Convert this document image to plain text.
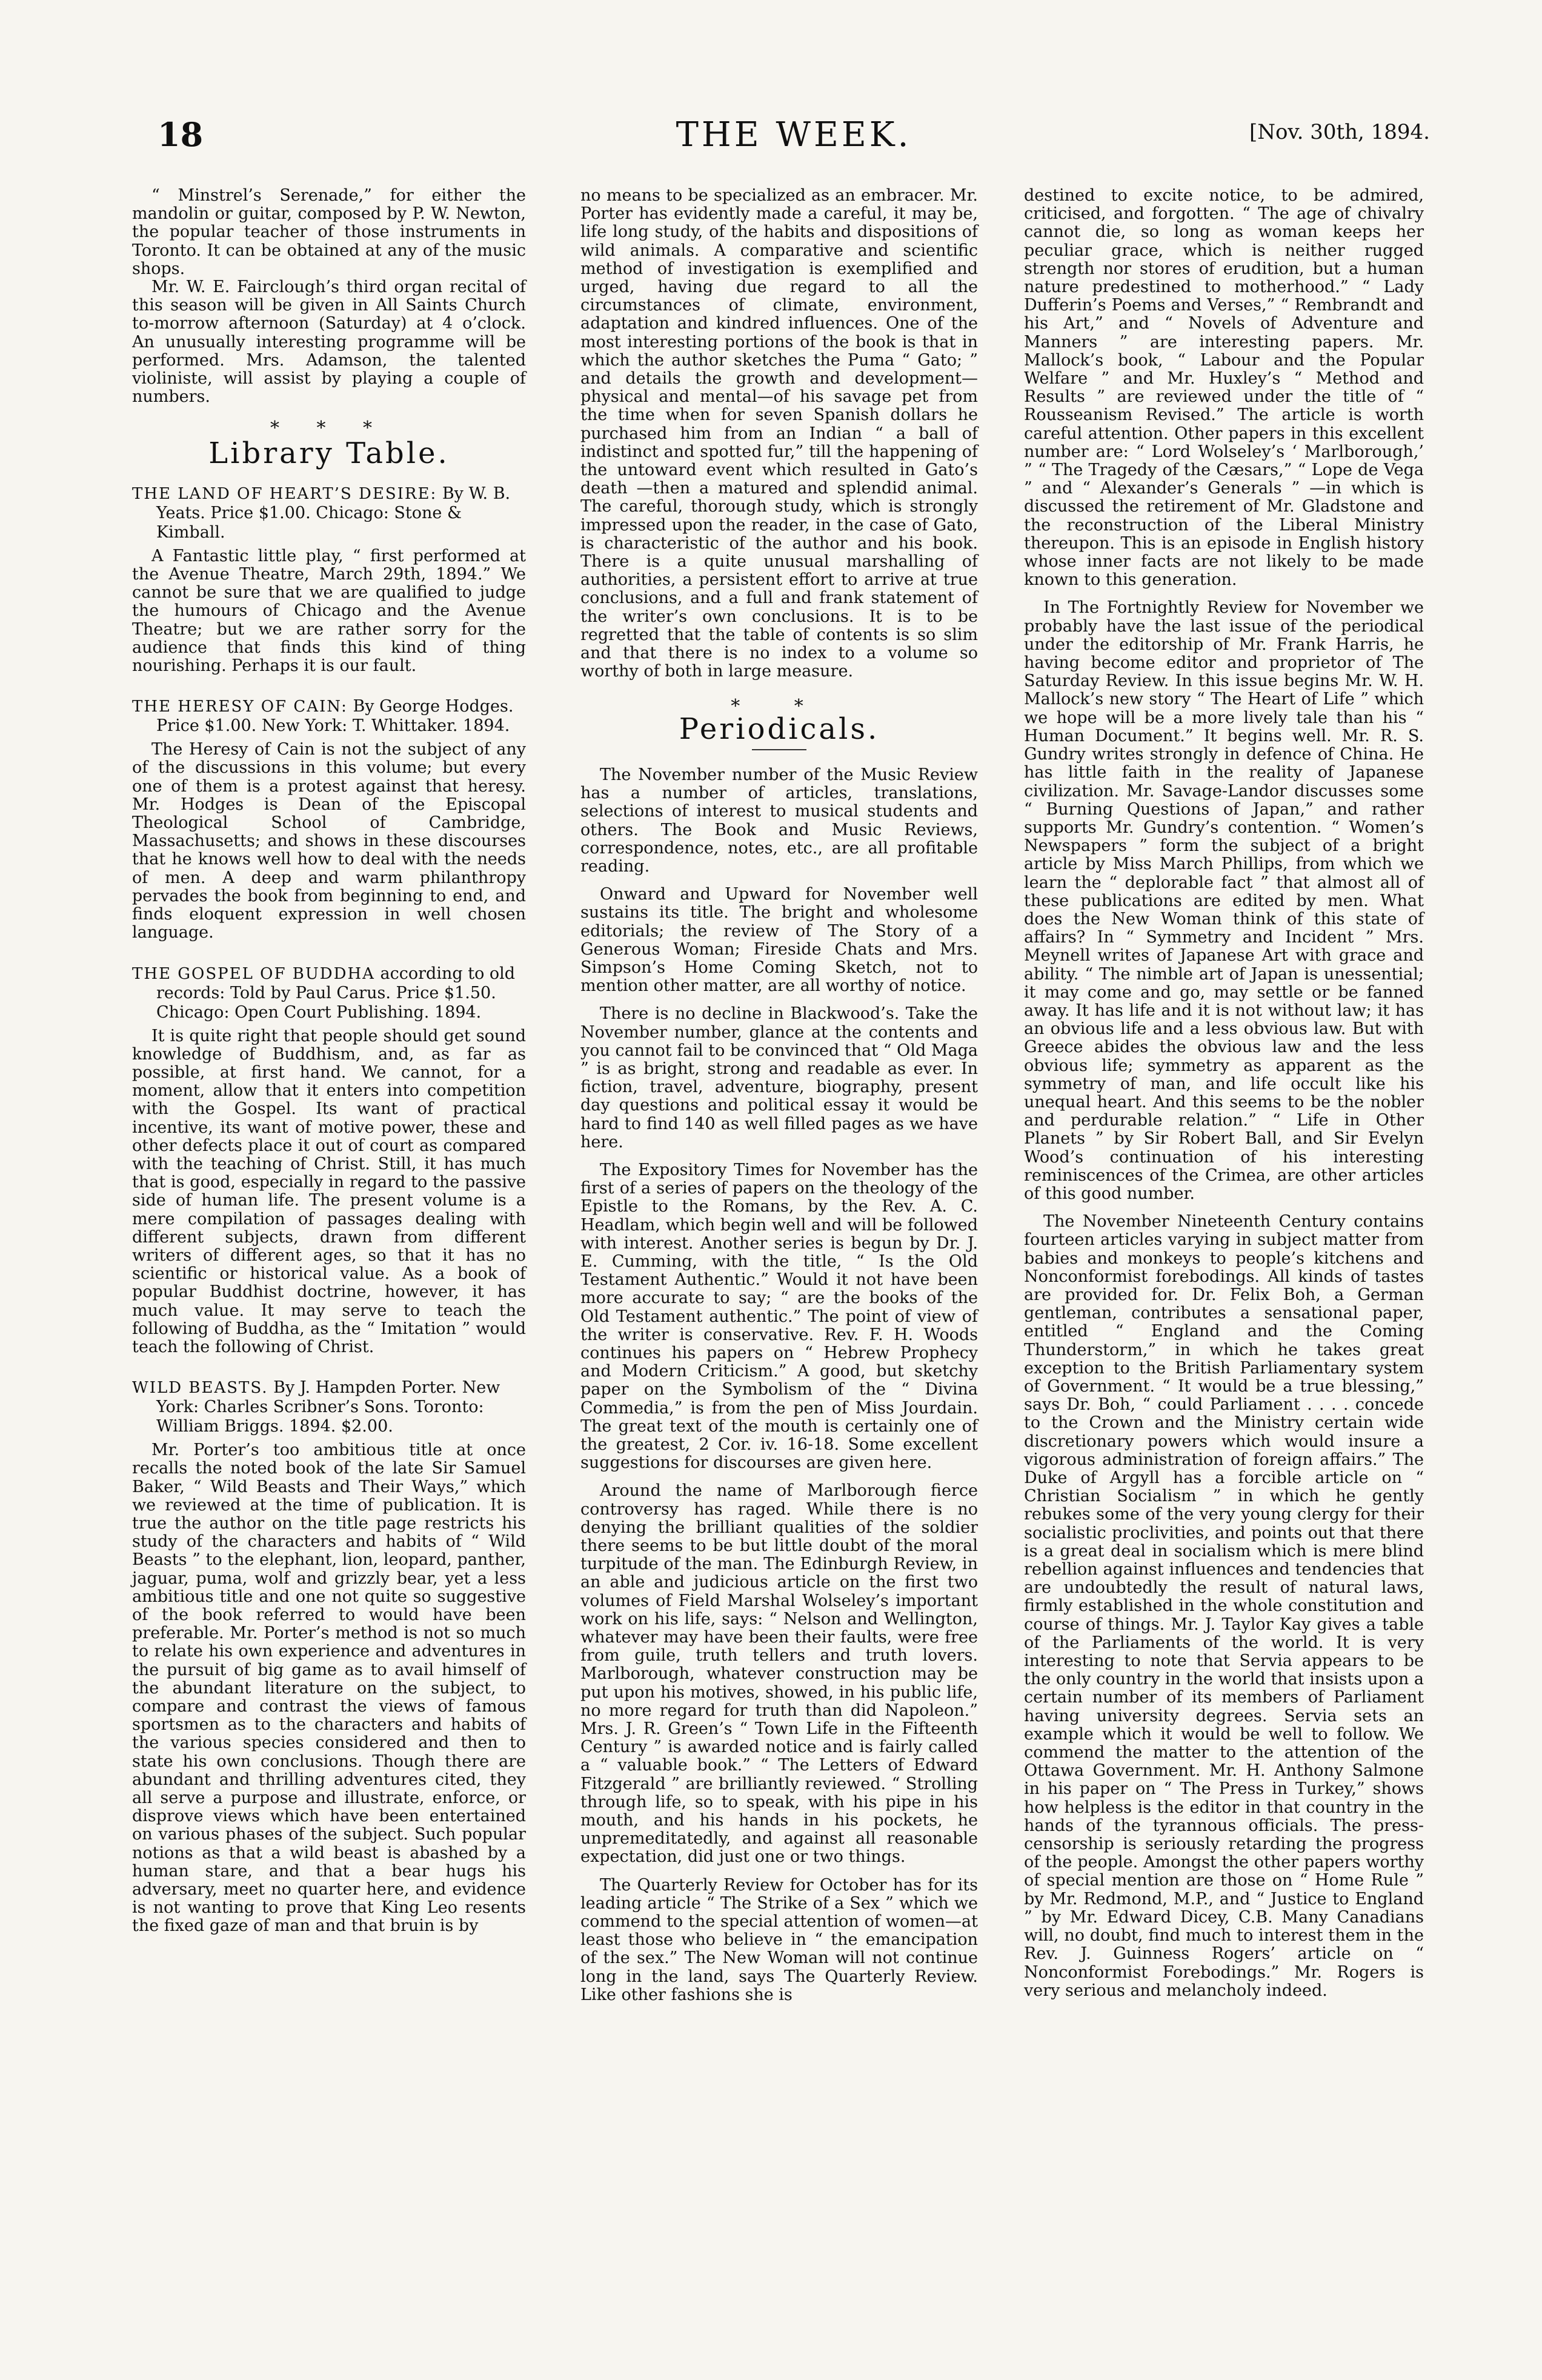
18	THE WEEK.	[Nov. 30th, 1894.

“ Minstrel’s Serenade,” for either the mandolin or guitar, composed by P. W. Newton, the popular teacher of those instruments in Toronto. It can be obtained at any of the music shops.

Mr. W. E. Fairclough’s third organ recital of this season will be given in All Saints Church to-morrow afternoon (Saturday) at 4 o’clock. An unusually interesting programme will be performed. Mrs. Adamson, the talented violiniste, will assist by playing a couple of numbers.

* * *
Library Table.
THE LAND OF HEART’S DESIRE: By W. B. Yeats. Price $1.00. Chicago: Stone & Kimball.

A Fantastic little play, “ first performed at the Avenue Theatre, March 29th, 1894.” We cannot be sure that we are qualified to judge the humours of Chicago and the Avenue Theatre; but we are rather sorry for the audience that finds this kind of thing nourishing. Perhaps it is our fault.

THE HERESY OF CAIN: By George Hodges. Price $1.00. New York: T. Whittaker. 1894.

The Heresy of Cain is not the subject of any of the discussions in this volume; but every one of them is a protest against that heresy. Mr. Hodges is Dean of the Episcopal Theological School of Cambridge, Massachusetts; and shows in these discourses that he knows well how to deal with the needs of men. A deep and warm philanthropy pervades the book from beginning to end, and finds eloquent expression in well chosen language.

THE GOSPEL OF BUDDHA according to old records: Told by Paul Carus. Price $1.50. Chicago: Open Court Publishing. 1894.

It is quite right that people should get sound knowledge of Buddhism, and, as far as possible, at first hand. We cannot, for a moment, allow that it enters into competition with the Gospel. Its want of practical incentive, its want of motive power, these and other defects place it out of court as compared with the teaching of Christ. Still, it has much that is good, especially in regard to the passive side of human life. The present volume is a mere compilation of passages dealing with different subjects, drawn from different writers of different ages, so that it has no scientific or historical value. As a book of popular Buddhist doctrine, however, it has much value. It may serve to teach the following of Buddha, as the “ Imitation ” would teach the following of Christ.

WILD BEASTS. By J. Hampden Porter. New York: Charles Scribner’s Sons. Toronto: William Briggs. 1894. $2.00.

Mr. Porter’s too ambitious title at once recalls the noted book of the late Sir Samuel Baker, “ Wild Beasts and Their Ways,” which we reviewed at the time of publication. It is true the author on the title page restricts his study of the characters and habits of “ Wild Beasts ” to the elephant, lion, leopard, panther, jaguar, puma, wolf and grizzly bear, yet a less ambitious title and one not quite so suggestive of the book referred to would have been preferable. Mr. Porter’s method is not so much to relate his own experience and adventures in the pursuit of big game as to avail himself of the abundant literature on the subject, to compare and contrast the views of famous sportsmen as to the characters and habits of the various species considered and then to state his own conclusions. Though there are abundant and thrilling adventures cited, they all serve a purpose and illustrate, enforce, or disprove views which have been entertained on various phases of the subject. Such popular notions as that a wild beast is abashed by a human stare, and that a bear hugs his adversary, meet no quarter here, and evidence is not wanting to prove that King Leo resents the fixed gaze of man and that bruin is by

no means to be specialized as an embracer. Mr. Porter has evidently made a careful, it may be, life long study, of the habits and dispositions of wild animals. A comparative and scientific method of investigation is exemplified and urged, having due regard to all the circumstances of climate, environment, adaptation and kindred influences. One of the most interesting portions of the book is that in which the author sketches the Puma “ Gato; ” and details the growth and development—physical and mental—of his savage pet from the time when for seven Spanish dollars he purchased him from an Indian “ a ball of indistinct and spotted fur,” till the happening of the untoward event which resulted in Gato’s death —then a matured and splendid animal. The careful, thorough study, which is strongly impressed upon the reader, in the case of Gato, is characteristic of the author and his book. There is a quite unusual marshalling of authorities, a persistent effort to arrive at true conclusions, and a full and frank statement of the writer’s own conclusions. It is to be regretted that the table of contents is so slim and that there is no index to a volume so worthy of both in large measure.

* *
Periodicals.

The November number of the Music Review has a number of articles, translations, selections of interest to musical students and others. The Book and Music Reviews, correspondence, notes, etc., are all profitable reading.

Onward and Upward for November well sustains its title. The bright and wholesome editorials; the review of The Story of a Generous Woman; Fireside Chats and Mrs. Simpson’s Home Coming Sketch, not to mention other matter, are all worthy of notice.

There is no decline in Blackwood’s. Take the November number, glance at the contents and you cannot fail to be convinced that “ Old Maga ” is as bright, strong and readable as ever. In fiction, travel, adventure, biography, present day questions and political essay it would be hard to find 140 as well filled pages as we have here.

The Expository Times for November has the first of a series of papers on the theology of the Epistle to the Romans, by the Rev. A. C. Headlam, which begin well and will be followed with interest. Another series is begun by Dr. J. E. Cumming, with the title, “ Is the Old Testament Authentic.” Would it not have been more accurate to say; “ are the books of the Old Testament authentic.” The point of view of the writer is conservative. Rev. F. H. Woods continues his papers on “ Hebrew Prophecy and Modern Criticism.” A good, but sketchy paper on the Symbolism of the “ Divina Commedia,” is from the pen of Miss Jourdain. The great text of the mouth is certainly one of the greatest, 2 Cor. iv. 16-18. Some excellent suggestions for discourses are given here.

Around the name of Marlborough fierce controversy has raged. While there is no denying the brilliant qualities of the soldier there seems to be but little doubt of the moral turpitude of the man. The Edinburgh Review, in an able and judicious article on the first two volumes of Field Marshal Wolseley’s important work on his life, says: “ Nelson and Wellington, whatever may have been their faults, were free from guile, truth tellers and truth lovers. Marlborough, whatever construction may be put upon his motives, showed, in his public life, no more regard for truth than did Napoleon.” Mrs. J. R. Green’s “ Town Life in the Fifteenth Century ” is awarded notice and is fairly called a “ valuable book.” “ The Letters of Edward Fitzgerald ” are brilliantly reviewed. “ Strolling through life, so to speak, with his pipe in his mouth, and his hands in his pockets, he unpremeditatedly, and against all reasonable expectation, did just one or two things.

The Quarterly Review for October has for its leading article “ The Strike of a Sex ” which we commend to the special attention of women—at least those who believe in “ the emancipation of the sex.” The New Woman will not continue long in the land, says The Quarterly Review. Like other fashions she is

destined to excite notice, to be admired, criticised, and forgotten. “ The age of chivalry cannot die, so long as woman keeps her peculiar grace, which is neither rugged strength nor stores of erudition, but a human nature predestined to motherhood.” “ Lady Dufferin’s Poems and Verses,” “ Rembrandt and his Art,” and “ Novels of Adventure and Manners ” are interesting papers. Mr. Mallock’s book, “ Labour and the Popular Welfare ” and Mr. Huxley’s “ Method and Results ” are reviewed under the title of “ Rousseanism Revised.” The article is worth careful attention. Other papers in this excellent number are: “ Lord Wolseley’s ‘ Marlborough,’ ” “ The Tragedy of the Cæsars,” “ Lope de Vega ” and “ Alexander’s Generals ” —in which is discussed the retirement of Mr. Gladstone and the reconstruction of the Liberal Ministry thereupon. This is an episode in English history whose inner facts are not likely to be made known to this generation.

In The Fortnightly Review for November we probably have the last issue of the periodical under the editorship of Mr. Frank Harris, he having become editor and proprietor of The Saturday Review. In this issue begins Mr. W. H. Mallock’s new story “ The Heart of Life ” which we hope will be a more lively tale than his “ Human Document.” It begins well. Mr. R. S. Gundry writes strongly in defence of China. He has little faith in the reality of Japanese civilization. Mr. Savage-Landor discusses some “ Burning Questions of Japan,” and rather supports Mr. Gundry’s contention. “ Women’s Newspapers ” form the subject of a bright article by Miss March Phillips, from which we learn the “ deplorable fact ” that almost all of these publications are edited by men. What does the New Woman think of this state of affairs? In “ Symmetry and Incident ” Mrs. Meynell writes of Japanese Art with grace and ability. “ The nimble art of Japan is unessential; it may come and go, may settle or be fanned away. It has life and it is not without law; it has an obvious life and a less obvious law. But with Greece abides the obvious law and the less obvious life; symmetry as apparent as the symmetry of man, and life occult like his unequal heart. And this seems to be the nobler and perdurable relation.” “ Life in Other Planets ” by Sir Robert Ball, and Sir Evelyn Wood’s continuation of his interesting reminiscences of the Crimea, are other articles of this good number.

The November Nineteenth Century contains fourteen articles varying in subject matter from babies and monkeys to people’s kitchens and Nonconformist forebodings. All kinds of tastes are provided for. Dr. Felix Boh, a German gentleman, contributes a sensational paper, entitled “ England and the Coming Thunderstorm,” in which he takes great exception to the British Parliamentary system of Government. “ It would be a true blessing,” says Dr. Boh, “ could Parliament . . . . concede to the Crown and the Ministry certain wide discretionary powers which would insure a vigorous administration of foreign affairs.” The Duke of Argyll has a forcible article on “ Christian Socialism ” in which he gently rebukes some of the very young clergy for their socialistic proclivities, and points out that there is a great deal in socialism which is mere blind rebellion against influences and tendencies that are undoubtedly the result of natural laws, firmly established in the whole constitution and course of things. Mr. J. Taylor Kay gives a table of the Parliaments of the world. It is very interesting to note that Servia appears to be the only country in the world that insists upon a certain number of its members of Parliament having university degrees. Servia sets an example which it would be well to follow. We commend the matter to the attention of the Ottawa Government. Mr. H. Anthony Salmone in his paper on “ The Press in Turkey,” shows how helpless is the editor in that country in the hands of the tyrannous officials. The press-censorship is seriously retarding the progress of the people. Amongst the other papers worthy of special mention are those on “ Home Rule ” by Mr. Redmond, M.P., and “ Justice to England ” by Mr. Edward Dicey, C.B. Many Canadians will, no doubt, find much to interest them in the Rev. J. Guinness Rogers’ article on “ Nonconformist Forebodings.” Mr. Rogers is very serious and melancholy indeed.
